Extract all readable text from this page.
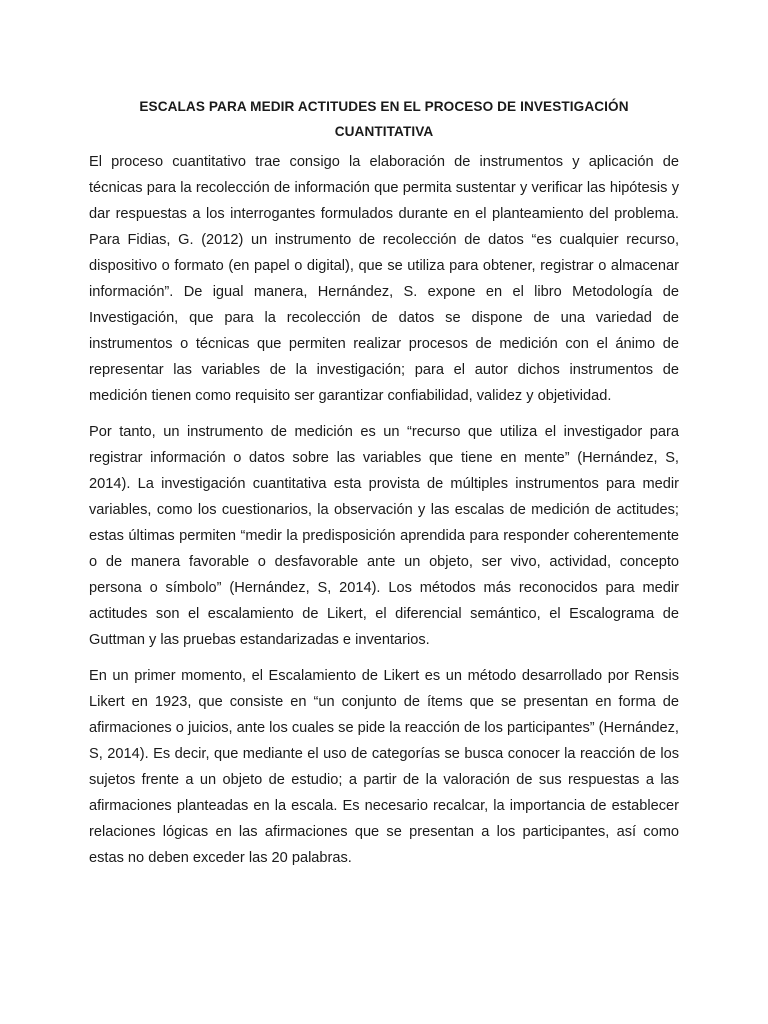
ESCALAS PARA MEDIR ACTITUDES EN EL PROCESO DE INVESTIGACIÓN
CUANTITATIVA

El proceso cuantitativo trae consigo la elaboración de instrumentos y aplicación de técnicas para la recolección de información que permita sustentar y verificar las hipótesis y dar respuestas a los interrogantes formulados durante en el planteamiento del problema. Para Fidias, G. (2012) un instrumento de recolección de datos “es cualquier recurso, dispositivo o formato (en papel o digital), que se utiliza para obtener, registrar o almacenar información”. De igual manera, Hernández, S. expone en el libro Metodología de Investigación, que para la recolección de datos se dispone de una variedad de instrumentos o técnicas que permiten realizar procesos de medición con el ánimo de representar las variables de la investigación; para el autor dichos instrumentos de medición tienen como requisito ser garantizar confiabilidad, validez y objetividad.

Por tanto, un instrumento de medición es un “recurso que utiliza el investigador para registrar información o datos sobre las variables que tiene en mente” (Hernández, S, 2014). La investigación cuantitativa esta provista de múltiples instrumentos para medir variables, como los cuestionarios, la observación y las escalas de medición de actitudes; estas últimas permiten “medir la predisposición aprendida para responder coherentemente o de manera favorable o desfavorable ante un objeto, ser vivo, actividad, concepto persona o símbolo” (Hernández, S, 2014). Los métodos más reconocidos para medir actitudes son el escalamiento de Likert, el diferencial semántico, el Escalograma de Guttman y las pruebas estandarizadas e inventarios.

En un primer momento, el Escalamiento de Likert es un método desarrollado por Rensis Likert en 1923, que consiste en “un conjunto de ítems que se presentan en forma de afirmaciones o juicios, ante los cuales se pide la reacción de los participantes” (Hernández, S, 2014). Es decir, que mediante el uso de categorías se busca conocer la reacción de los sujetos frente a un objeto de estudio; a partir de la valoración de sus respuestas a las afirmaciones planteadas en la escala. Es necesario recalcar, la importancia de establecer relaciones lógicas en las afirmaciones que se presentan a los participantes, así como estas no deben exceder las 20 palabras.
